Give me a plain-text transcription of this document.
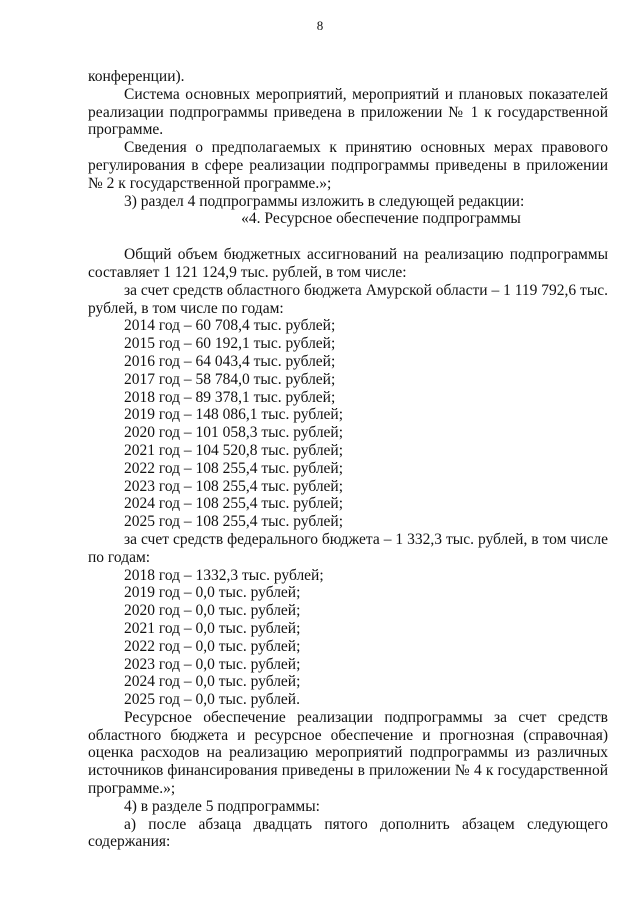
8

конференции).

Система основных мероприятий, мероприятий и плановых показателей реализации подпрограммы приведена в приложении № 1 к государственной программе.

Сведения о предполагаемых к принятию основных мерах правового регулирования в сфере реализации подпрограммы приведены в приложении № 2 к государственной программе.»;

3) раздел 4 подпрограммы изложить в следующей редакции:

«4. Ресурсное обеспечение подпрограммы

Общий объем бюджетных ассигнований на реализацию подпрограммы составляет 1 121 124,9 тыс. рублей, в том числе:

за счет средств областного бюджета Амурской области – 1 119 792,6 тыс. рублей, в том числе по годам:

2014 год – 60 708,4 тыс. рублей;

2015 год – 60 192,1 тыс. рублей;

2016 год – 64 043,4 тыс. рублей;

2017 год – 58 784,0 тыс. рублей;

2018 год – 89 378,1 тыс. рублей;

2019 год – 148 086,1 тыс. рублей;

2020 год – 101 058,3 тыс. рублей;

2021 год – 104 520,8 тыс. рублей;

2022 год – 108 255,4 тыс. рублей;

2023 год – 108 255,4 тыс. рублей;

2024 год – 108 255,4 тыс. рублей;

2025 год – 108 255,4 тыс. рублей;

за счет средств федерального бюджета – 1 332,3 тыс. рублей, в том числе по годам:

2018 год – 1332,3 тыс. рублей;

2019 год – 0,0 тыс. рублей;

2020 год – 0,0 тыс. рублей;

2021 год – 0,0 тыс. рублей;

2022 год – 0,0 тыс. рублей;

2023 год – 0,0 тыс. рублей;

2024 год – 0,0 тыс. рублей;

2025 год – 0,0 тыс. рублей.

Ресурсное обеспечение реализации подпрограммы за счет средств областного бюджета и ресурсное обеспечение и прогнозная (справочная) оценка расходов на реализацию мероприятий подпрограммы из различных источников финансирования приведены в приложении № 4 к государственной программе.»;

4) в разделе 5 подпрограммы:

а) после абзаца двадцать пятого дополнить абзацем следующего содержания:
